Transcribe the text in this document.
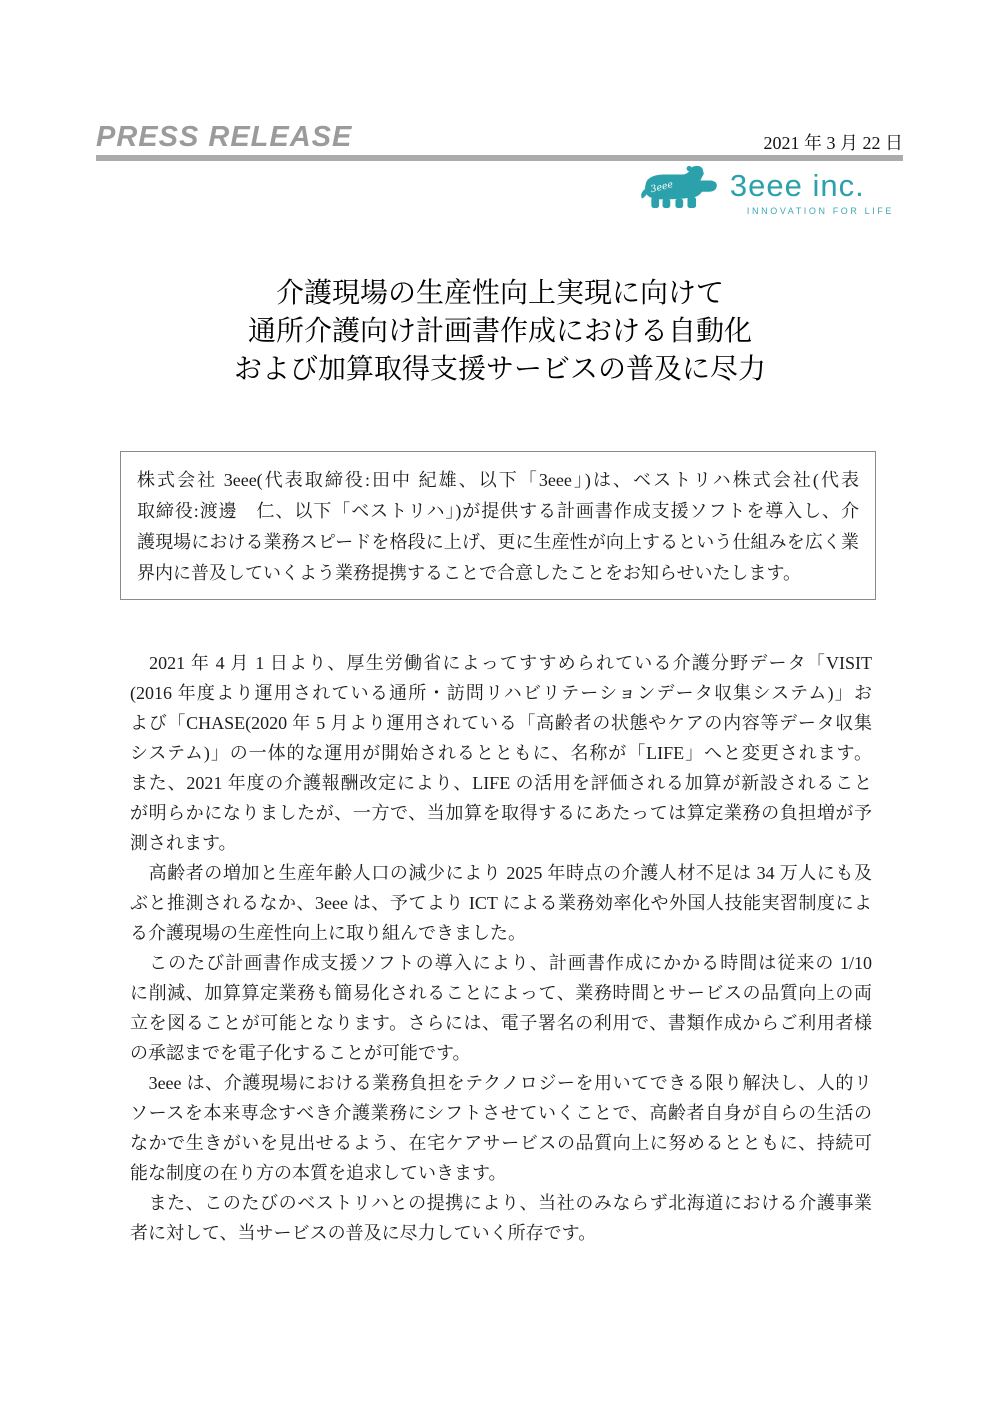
PRESS RELEASE	2021 年 3 月 22 日
3eee 3eee inc.
INNOVATION FOR LIFE
介護現場の生産性向上実現に向けて
通所介護向け計画書作成における自動化
および加算取得支援サービスの普及に尽力
株式会社 3eee(代表取締役:田中 紀雄、以下「3eee」)は、ベストリハ株式会社(代表
取締役:渡邊　仁、以下「ベストリハ」)が提供する計画書作成支援ソフトを導入し、介
護現場における業務スピードを格段に上げ、更に生産性が向上するという仕組みを広く業
界内に普及していくよう業務提携することで合意したことをお知らせいたします。
　2021 年 4 月 1 日より、厚生労働省によってすすめられている介護分野データ「VISIT
(2016 年度より運用されている通所・訪問リハビリテーションデータ収集システム)」お
よび「CHASE(2020 年 5 月より運用されている「高齢者の状態やケアの内容等データ収集
システム)」の一体的な運用が開始されるとともに、名称が「LIFE」へと変更されます。
また、2021 年度の介護報酬改定により、LIFE の活用を評価される加算が新設されること
が明らかになりましたが、一方で、当加算を取得するにあたっては算定業務の負担増が予
測されます。
　高齢者の増加と生産年齢人口の減少により 2025 年時点の介護人材不足は 34 万人にも及
ぶと推測されるなか、3eee は、予てより ICT による業務効率化や外国人技能実習制度によ
る介護現場の生産性向上に取り組んできました。
　このたび計画書作成支援ソフトの導入により、計画書作成にかかる時間は従来の 1/10
に削減、加算算定業務も簡易化されることによって、業務時間とサービスの品質向上の両
立を図ることが可能となります。さらには、電子署名の利用で、書類作成からご利用者様
の承認までを電子化することが可能です。
　3eee は、介護現場における業務負担をテクノロジーを用いてできる限り解決し、人的リ
ソースを本来専念すべき介護業務にシフトさせていくことで、高齢者自身が自らの生活の
なかで生きがいを見出せるよう、在宅ケアサービスの品質向上に努めるとともに、持続可
能な制度の在り方の本質を追求していきます。
　また、このたびのベストリハとの提携により、当社のみならず北海道における介護事業
者に対して、当サービスの普及に尽力していく所存です。
